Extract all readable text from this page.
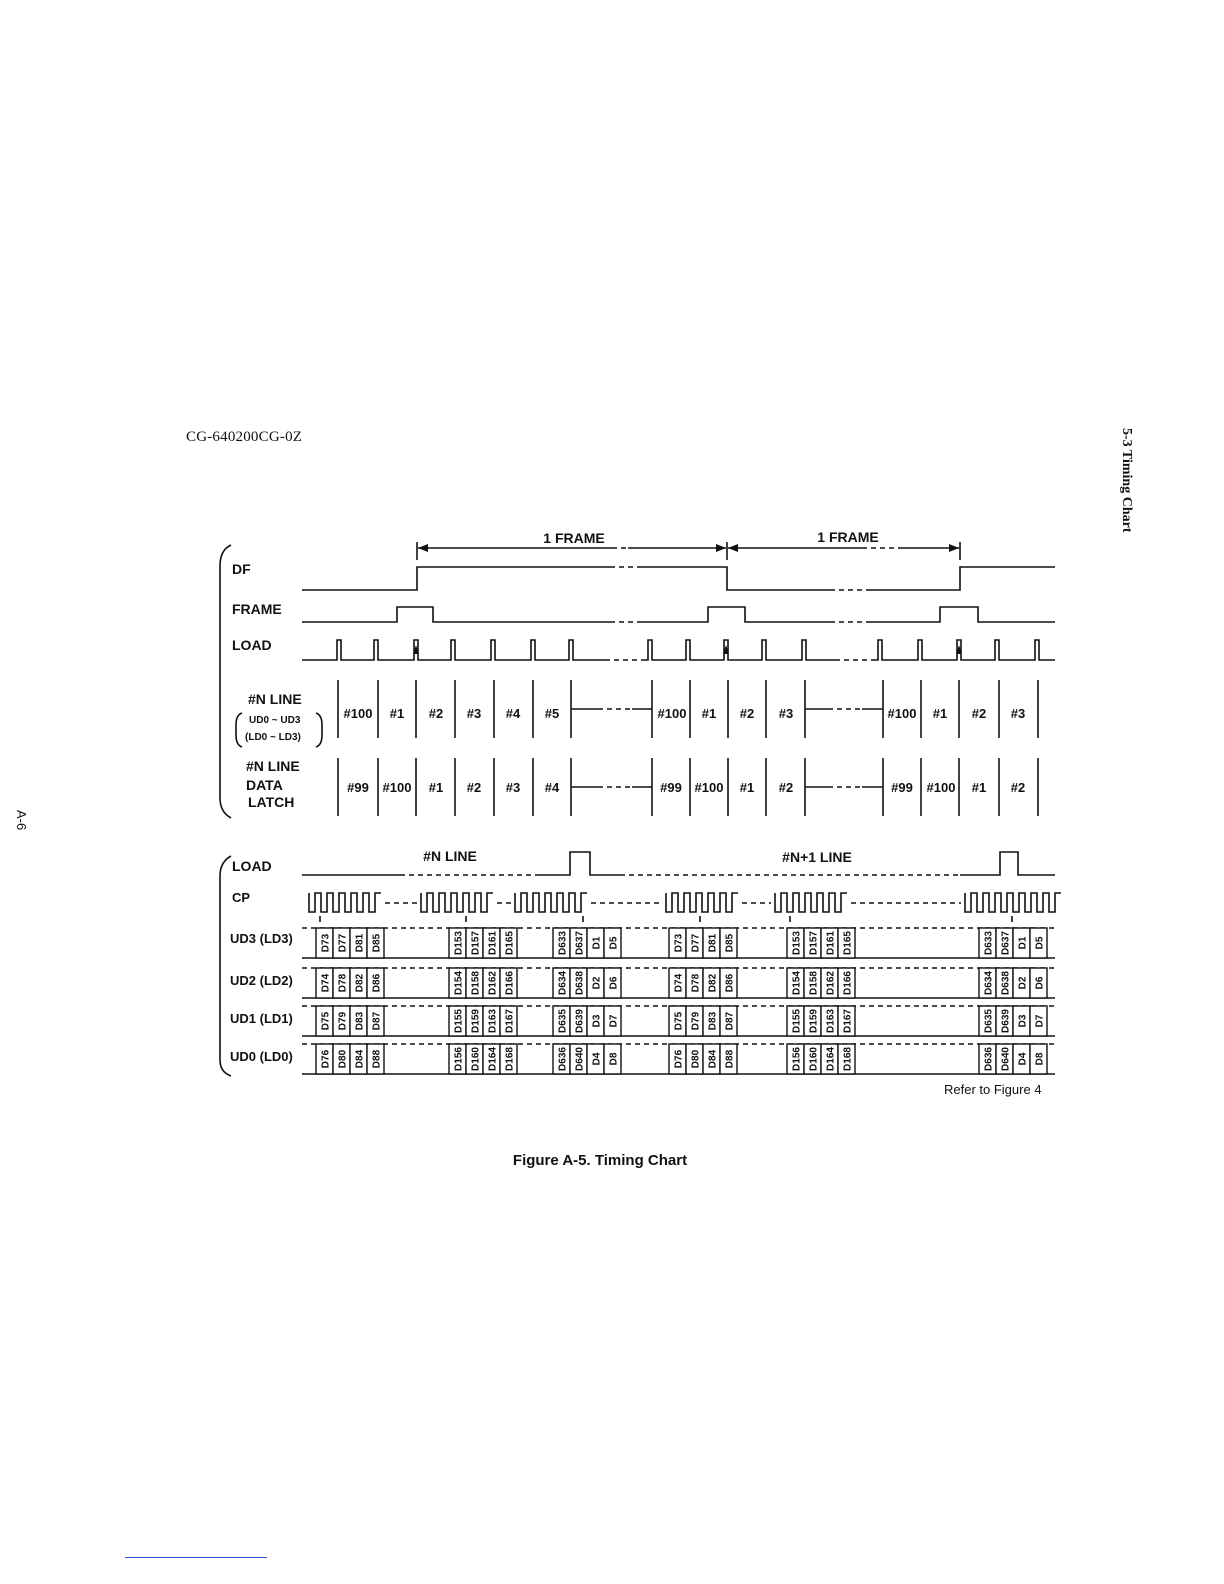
CG-640200CG-0Z	5-3 Timing Chart
A-6
DF
FRAME
LOAD
1 FRAME	1 FRAME
#N LINE
UD0 ~ UD3
(LD0 ~ LD3)
#N LINE
DATA
LATCH
#100 #1 #2 #3 #4 #5	#100 #1 #2 #3	#100 #1 #2 #3
#99 #100 #1 #2 #3 #4	#99 #100 #1 #2	#99 #100 #1 #2
LOAD
CP
UD3 (LD3)
UD2 (LD2)
UD1 (LD1)
UD0 (LD0)
#N LINE	#N+1 LINE
D73 D77 D81 D85	D153 D157 D161 D165	D633 D637 D1 D5	D73 D77 D81 D85	D153 D157 D161 D165	D633 D637 D1 D5
D74 D78 D82 D86	D154 D158 D162 D166	D634 D638 D2 D6	D74 D78 D82 D86	D154 D158 D162 D166	D634 D638 D2 D6
D75 D79 D83 D87	D155 D159 D163 D167	D635 D639 D3 D7	D75 D79 D83 D87	D155 D159 D163 D167	D635 D639 D3 D7
D76 D80 D84 D88	D156 D160 D164 D168	D636 D640 D4 D8	D76 D80 D84 D88	D156 D160 D164 D168	D636 D640 D4 D8
Refer to Figure 4
Figure A-5. Timing Chart
